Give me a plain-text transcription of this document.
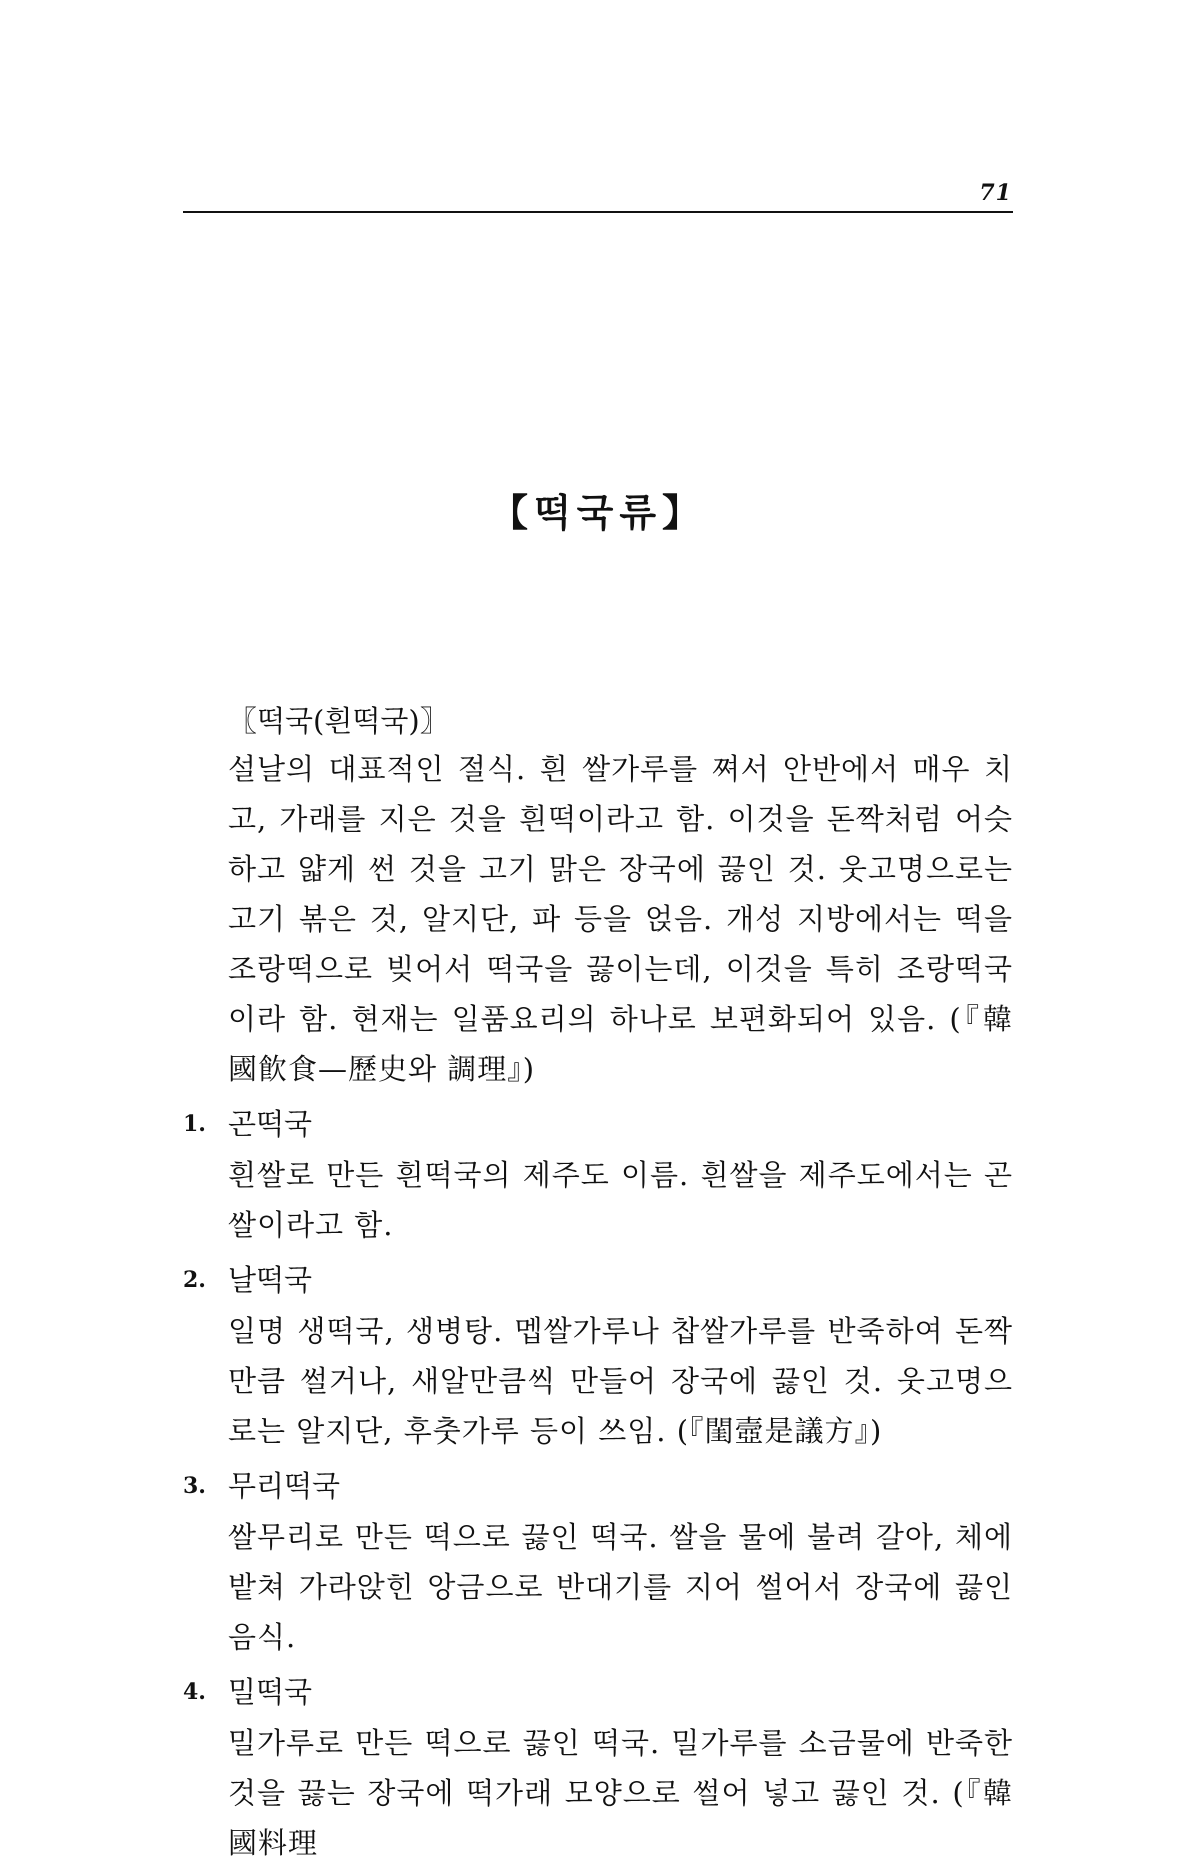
71
【떡국류】
〖떡국(흰떡국)〗
설날의 대표적인 절식. 흰 쌀가루를 쪄서 안반에서 매우 치고, 가래를 지은 것을 흰떡이라고 함. 이것을 돈짝처럼 어슷하고 얇게 썬 것을 고기 맑은 장국에 끓인 것. 웃고명으로는 고기 볶은 것, 알지단, 파 등을 얹음. 개성 지방에서는 떡을 조랑떡으로 빚어서 떡국을 끓이는데, 이것을 특히 조랑떡국이라 함. 현재는 일품요리의 하나로 보편화되어 있음. (『韓國飮食—歷史와 調理』)
1. 곤떡국
흰쌀로 만든 흰떡국의 제주도 이름. 흰쌀을 제주도에서는 곤쌀이라고 함.
2. 날떡국
일명 생떡국, 생병탕. 멥쌀가루나 찹쌀가루를 반죽하여 돈짝만큼 썰거나, 새알만큼씩 만들어 장국에 끓인 것. 웃고명으로는 알지단, 후춧가루 등이 쓰임. (『閨壼是議方』)
3. 무리떡국
쌀무리로 만든 떡으로 끓인 떡국. 쌀을 물에 불려 갈아, 체에 밭쳐 가라앉힌 앙금으로 반대기를 지어 썰어서 장국에 끓인 음식.
4. 밀떡국
밀가루로 만든 떡으로 끓인 떡국. 밀가루를 소금물에 반죽한 것을 끓는 장국에 떡가래 모양으로 썰어 넣고 끓인 것. (『韓國料理
